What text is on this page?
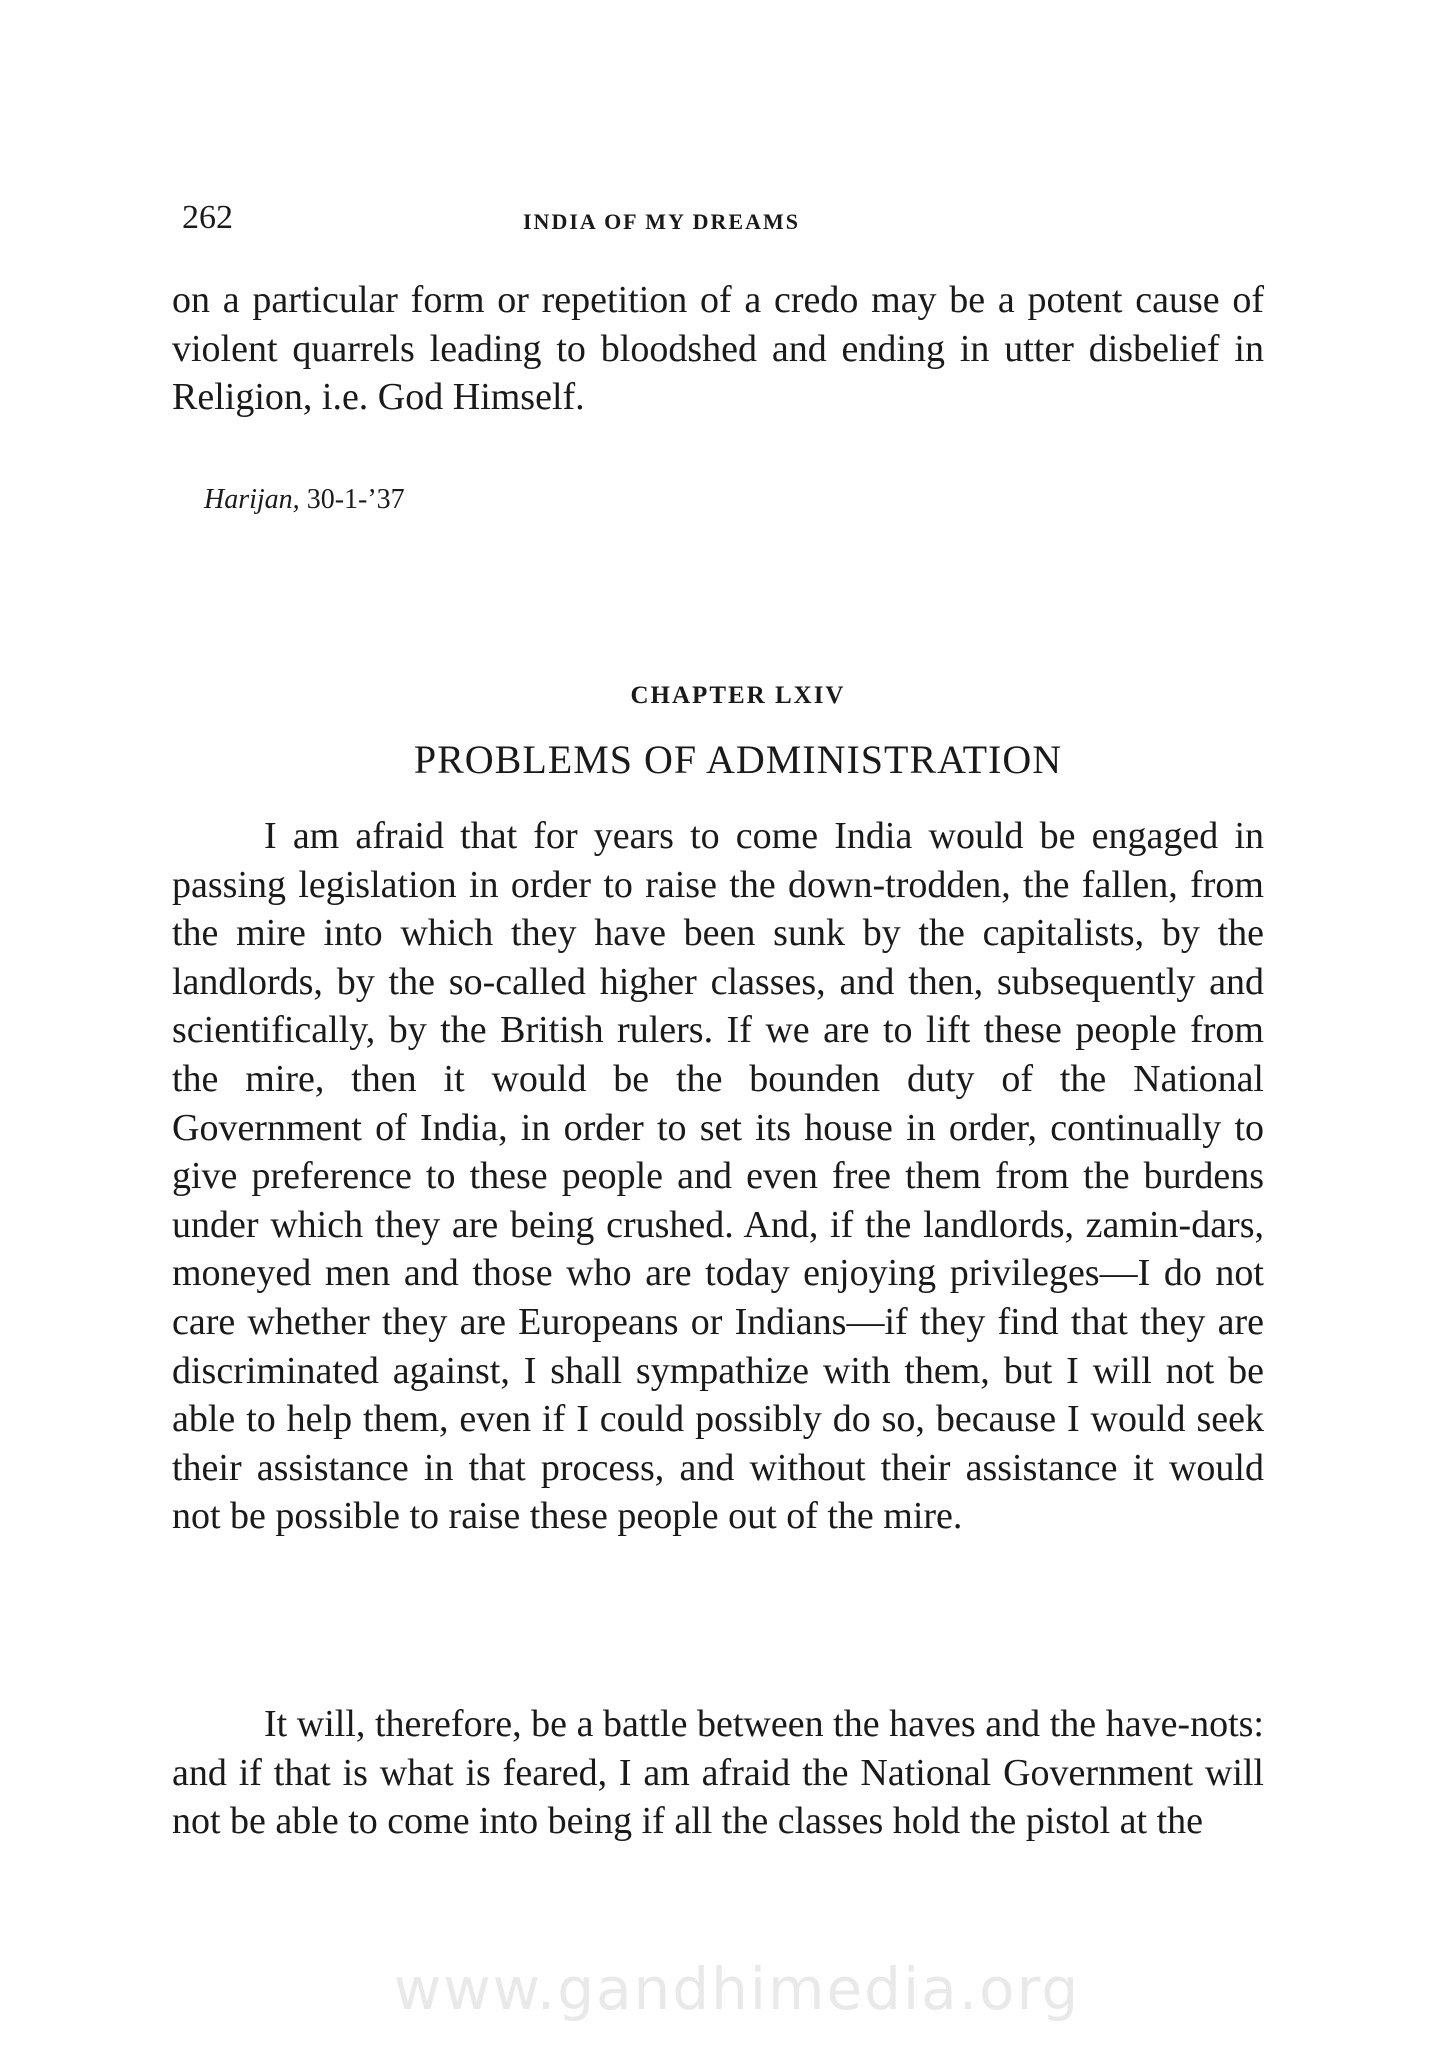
262	INDIA OF MY DREAMS

on a particular form or repetition of a credo may be a potent cause of violent quarrels leading to bloodshed and ending in utter disbelief in Religion, i.e. God Himself.

Harijan, 30-1-’37
CHAPTER LXIV
PROBLEMS OF ADMINISTRATION

I am afraid that for years to come India would be engaged in passing legislation in order to raise the down-trodden, the fallen, from the mire into which they have been sunk by the capitalists, by the landlords, by the so-called higher classes, and then, subsequently and scientifically, by the British rulers. If we are to lift these people from the mire, then it would be the bounden duty of the National Government of India, in order to set its house in order, continually to give preference to these people and even free them from the burdens under which they are being crushed. And, if the landlords, zamin-dars, moneyed men and those who are today enjoying privileges—I do not care whether they are Europeans or Indians—if they find that they are discriminated against, I shall sympathize with them, but I will not be able to help them, even if I could possibly do so, because I would seek their assistance in that process, and without their assistance it would not be possible to raise these people out of the mire.

It will, therefore, be a battle between the haves and the have-nots: and if that is what is feared, I am afraid the National Government will not be able to come into being if all the classes hold the pistol at the

www.gandhimedia.org
